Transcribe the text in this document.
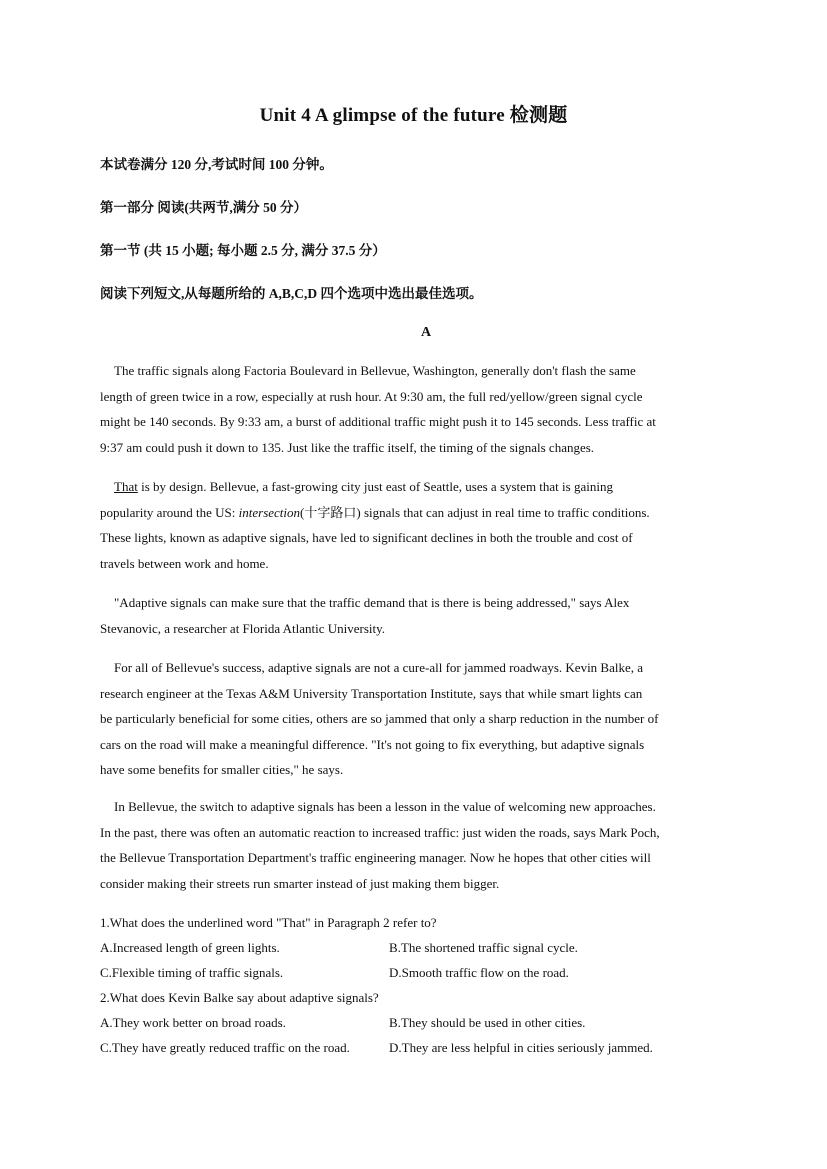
Unit 4 A glimpse of the future 检测题
本试卷满分 120 分,考试时间 100 分钟。
第一部分 阅读(共两节,满分 50 分）
第一节 (共 15 小题; 每小题 2.5 分, 满分 37.5 分）
阅读下列短文,从每题所给的 A,B,C,D 四个选项中选出最佳选项。
A
The traffic signals along Factoria Boulevard in Bellevue, Washington, generally don't flash the same
length of green twice in a row, especially at rush hour. At 9:30 am, the full red/yellow/green signal cycle
might be 140 seconds. By 9:33 am, a burst of additional traffic might push it to 145 seconds. Less traffic at
9:37 am could push it down to 135. Just like the traffic itself, the timing of the signals changes.
That is by design. Bellevue, a fast-growing city just east of Seattle, uses a system that is gaining
popularity around the US: intersection(十字路口) signals that can adjust in real time to traffic conditions.
These lights, known as adaptive signals, have led to significant declines in both the trouble and cost of
travels between work and home.
"Adaptive signals can make sure that the traffic demand that is there is being addressed," says Alex
Stevanovic, a researcher at Florida Atlantic University.
For all of Bellevue's success, adaptive signals are not a cure-all for jammed roadways. Kevin Balke, a
research engineer at the Texas A&M University Transportation Institute, says that while smart lights can
be particularly beneficial for some cities, others are so jammed that only a sharp reduction in the number of
cars on the road will make a meaningful difference. "It's not going to fix everything, but adaptive signals
have some benefits for smaller cities," he says.
In Bellevue, the switch to adaptive signals has been a lesson in the value of welcoming new approaches.
In the past, there was often an automatic reaction to increased traffic: just widen the roads, says Mark Poch,
the Bellevue Transportation Department's traffic engineering manager. Now he hopes that other cities will
consider making their streets run smarter instead of just making them bigger.
1.What does the underlined word "That" in Paragraph 2 refer to?
A.Increased length of green lights.	B.The shortened traffic signal cycle.
C.Flexible timing of traffic signals.	D.Smooth traffic flow on the road.
2.What does Kevin Balke say about adaptive signals?
A.They work better on broad roads.	B.They should be used in other cities.
C.They have greatly reduced traffic on the road.	D.They are less helpful in cities seriously jammed.
